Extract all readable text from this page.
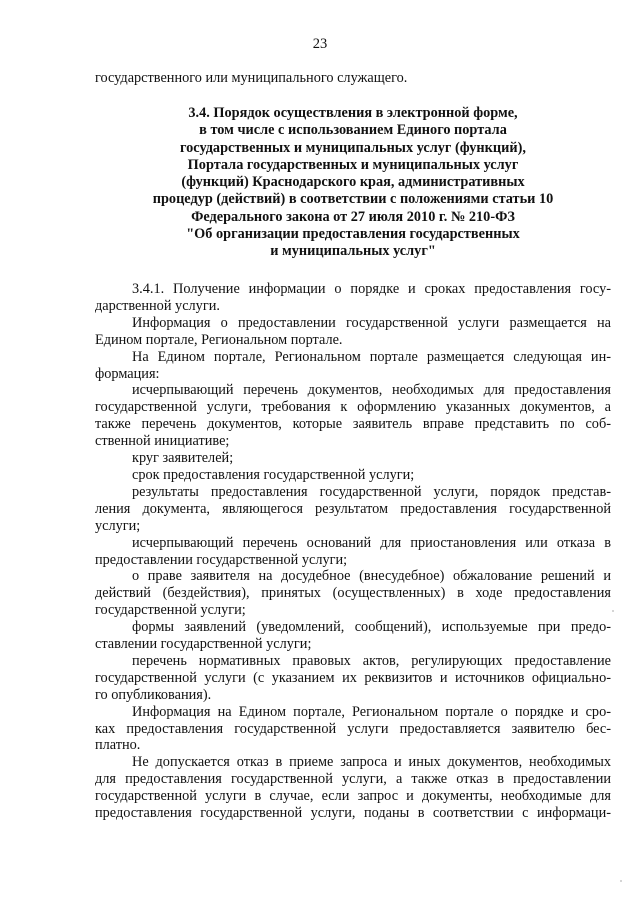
23
государственного или муниципального служащего.
3.4. Порядок осуществления в электронной форме,
в том числе с использованием Единого портала
государственных и муниципальных услуг (функций),
Портала государственных и муниципальных услуг
(функций) Краснодарского края, административных
процедур (действий) в соответствии с положениями статьи 10
Федерального закона от 27 июля 2010 г. № 210-ФЗ
"Об организации предоставления государственных
и муниципальных услуг"

3.4.1. Получение информации о порядке и сроках предоставления госу-
дарственной услуги.

Информация о предоставлении государственной услуги размещается на
Едином портале, Региональном портале.

На Едином портале, Региональном портале размещается следующая ин-
формация:

исчерпывающий перечень документов, необходимых для предоставления
государственной услуги, требования к оформлению указанных документов, а
также перечень документов, которые заявитель вправе представить по соб-
ственной инициативе;

круг заявителей;

срок предоставления государственной услуги;

результаты предоставления государственной услуги, порядок представ-
ления документа, являющегося результатом предоставления государственной
услуги;

исчерпывающий перечень оснований для приостановления или отказа в
предоставлении государственной услуги;

о праве заявителя на досудебное (внесудебное) обжалование решений и
действий (бездействия), принятых (осуществленных) в ходе предоставления
государственной услуги;

формы заявлений (уведомлений, сообщений), используемые при предо-
ставлении государственной услуги;

перечень нормативных правовых актов, регулирующих предоставление
государственной услуги (с указанием их реквизитов и источников официально-
го опубликования).

Информация на Едином портале, Региональном портале о порядке и сро-
ках предоставления государственной услуги предоставляется заявителю бес-
платно.

Не допускается отказ в приеме запроса и иных документов, необходимых
для предоставления государственной услуги, а также отказ в предоставлении
государственной услуги в случае, если запрос и документы, необходимые для
предоставления государственной услуги, поданы в соответствии с информаци-
